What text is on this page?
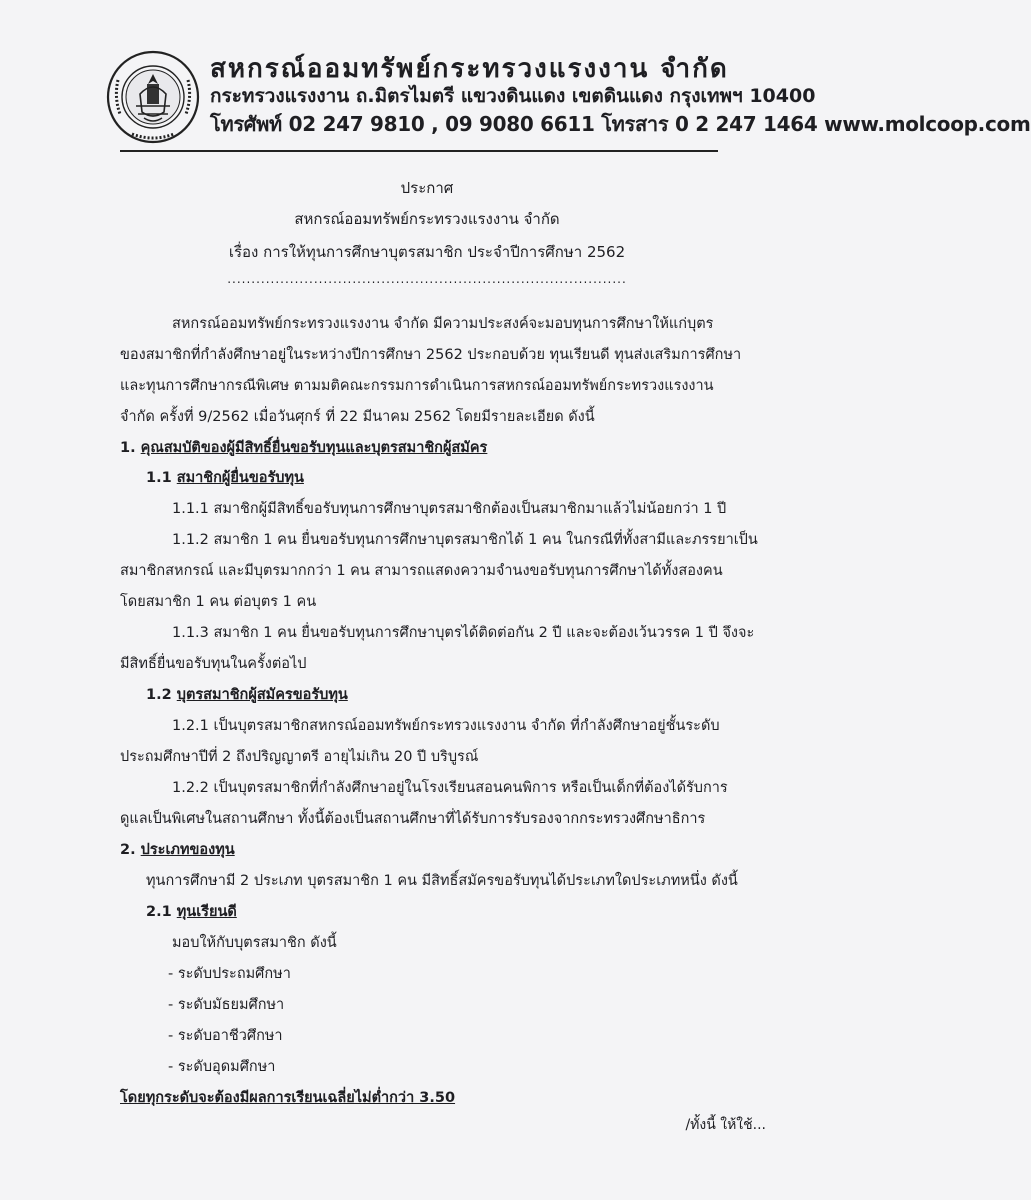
สหกรณ์ออมทรัพย์กระทรวงแรงงาน จำกัด
กระทรวงแรงงาน ถ.มิตรไมตรี แขวงดินแดง เขตดินแดง กรุงเทพฯ 10400
โทรศัพท์ 02 247 9810 , 09 9080 6611 โทรสาร 0 2 247 1464 www.molcoop.com
ประกาศ
สหกรณ์ออมทรัพย์กระทรวงแรงงาน จำกัด
เรื่อง การให้ทุนการศึกษาบุตรสมาชิก ประจำปีการศึกษา 2562
...................................................................................
สหกรณ์ออมทรัพย์กระทรวงแรงงาน จำกัด มีความประสงค์จะมอบทุนการศึกษาให้แก่บุตร
ของสมาชิกที่กำลังศึกษาอยู่ในระหว่างปีการศึกษา 2562 ประกอบด้วย ทุนเรียนดี ทุนส่งเสริมการศึกษา
และทุนการศึกษากรณีพิเศษ ตามมติคณะกรรมการดำเนินการสหกรณ์ออมทรัพย์กระทรวงแรงงาน
จำกัด ครั้งที่ 9/2562 เมื่อวันศุกร์ ที่ 22 มีนาคม 2562 โดยมีรายละเอียด ดังนี้
1. คุณสมบัติของผู้มีสิทธิ์ยื่นขอรับทุนและบุตรสมาชิกผู้สมัคร
1.1 สมาชิกผู้ยื่นขอรับทุน
1.1.1 สมาชิกผู้มีสิทธิ์ขอรับทุนการศึกษาบุตรสมาชิกต้องเป็นสมาชิกมาแล้วไม่น้อยกว่า 1 ปี
1.1.2 สมาชิก 1 คน ยื่นขอรับทุนการศึกษาบุตรสมาชิกได้ 1 คน ในกรณีที่ทั้งสามีและภรรยาเป็น
สมาชิกสหกรณ์ และมีบุตรมากกว่า 1 คน สามารถแสดงความจำนงขอรับทุนการศึกษาได้ทั้งสองคน
โดยสมาชิก 1 คน ต่อบุตร 1 คน
1.1.3 สมาชิก 1 คน ยื่นขอรับทุนการศึกษาบุตรได้ติดต่อกัน 2 ปี และจะต้องเว้นวรรค 1 ปี จึงจะ
มีสิทธิ์ยื่นขอรับทุนในครั้งต่อไป
1.2 บุตรสมาชิกผู้สมัครขอรับทุน
1.2.1 เป็นบุตรสมาชิกสหกรณ์ออมทรัพย์กระทรวงแรงงาน จำกัด ที่กำลังศึกษาอยู่ชั้นระดับ
ประถมศึกษาปีที่ 2 ถึงปริญญาตรี อายุไม่เกิน 20 ปี บริบูรณ์
1.2.2 เป็นบุตรสมาชิกที่กำลังศึกษาอยู่ในโรงเรียนสอนคนพิการ หรือเป็นเด็กที่ต้องได้รับการ
ดูแลเป็นพิเศษในสถานศึกษา ทั้งนี้ต้องเป็นสถานศึกษาที่ได้รับการรับรองจากกระทรวงศึกษาธิการ
2. ประเภทของทุน
ทุนการศึกษามี 2 ประเภท บุตรสมาชิก 1 คน มีสิทธิ์สมัครขอรับทุนได้ประเภทใดประเภทหนึ่ง ดังนี้
2.1 ทุนเรียนดี
มอบให้กับบุตรสมาชิก ดังนี้
- ระดับประถมศึกษา
- ระดับมัธยมศึกษา
- ระดับอาชีวศึกษา
- ระดับอุดมศึกษา
โดยทุกระดับจะต้องมีผลการเรียนเฉลี่ยไม่ต่ำกว่า 3.50
/ทั้งนี้ ให้ใช้...
